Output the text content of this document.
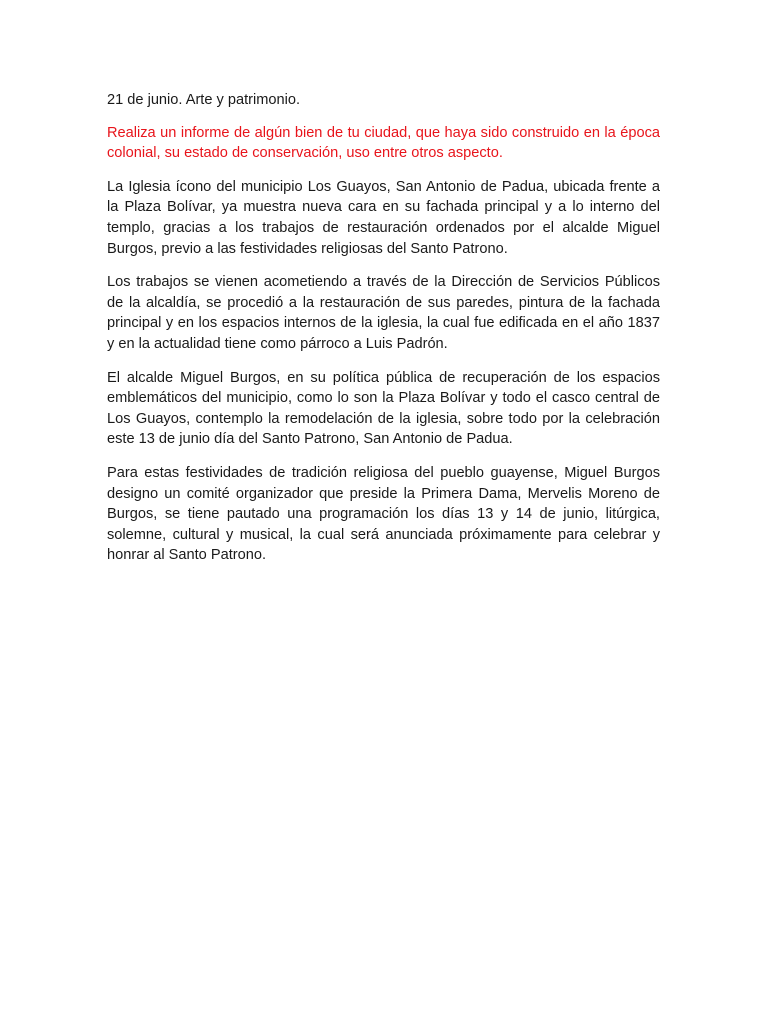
21 de junio. Arte y patrimonio.

Realiza un informe de algún bien de tu ciudad, que haya sido construido en la época colonial, su estado de conservación, uso entre otros aspecto.

La Iglesia ícono del municipio Los Guayos, San Antonio de Padua, ubicada frente a la Plaza Bolívar, ya muestra nueva cara en su fachada principal y a lo interno del templo, gracias a los trabajos de restauración ordenados por el alcalde Miguel Burgos, previo a las festividades religiosas del Santo Patrono.

Los trabajos se vienen acometiendo a través de la Dirección de Servicios Públicos de la alcaldía, se procedió a la restauración de sus paredes, pintura de la fachada principal y en los espacios internos de la iglesia, la cual fue edificada en el año 1837 y en la actualidad tiene como párroco a Luis Padrón.

El alcalde Miguel Burgos, en su política pública de recuperación de los espacios emblemáticos del municipio, como lo son la Plaza Bolívar y todo el casco central de Los Guayos, contemplo la remodelación de la iglesia, sobre todo por la celebración este 13 de junio día del Santo Patrono, San Antonio de Padua.

Para estas festividades de tradición religiosa del pueblo guayense, Miguel Burgos designo un comité organizador que preside la Primera Dama, Mervelis Moreno de Burgos, se tiene pautado una programación los días 13 y 14 de junio, litúrgica, solemne, cultural y musical, la cual será anunciada próximamente para celebrar y honrar al Santo Patrono.
